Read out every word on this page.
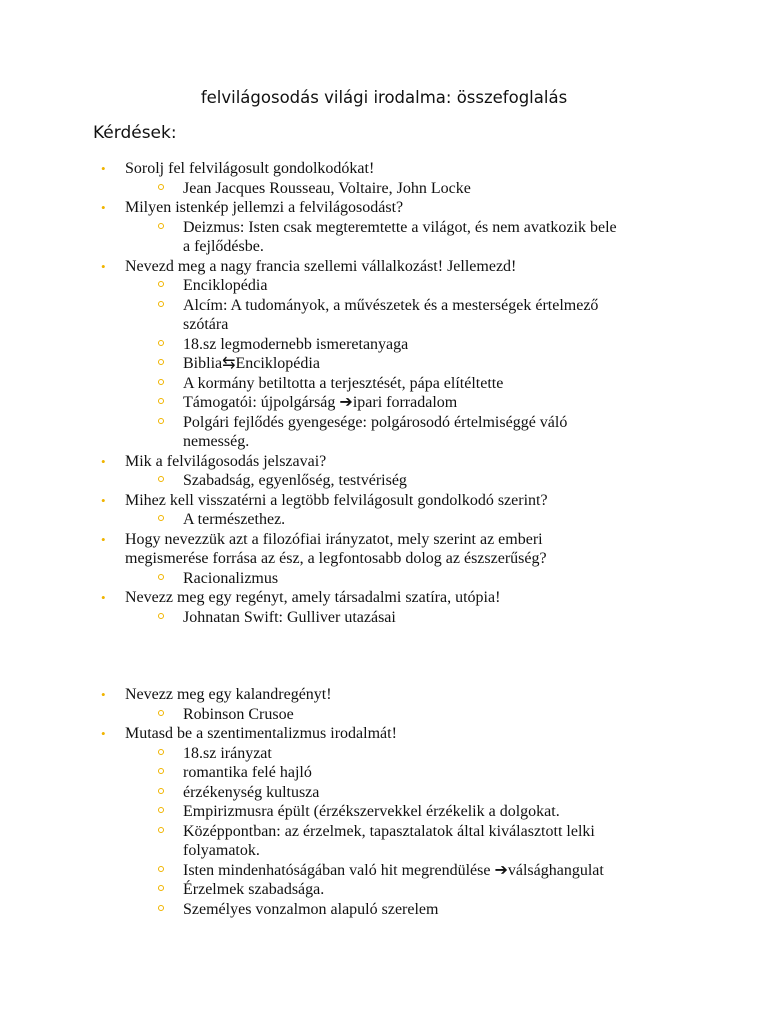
felvilágosodás világi irodalma: összefoglalás
Kérdések:
• Sorolj fel felvilágosult gondolkodókat!
Jean Jacques Rousseau, Voltaire, John Locke
• Milyen istenkép jellemzi a felvilágosodást?
Deizmus: Isten csak megteremtette a világot, és nem avatkozik bele
a fejlődésbe.
• Nevezd meg a nagy francia szellemi vállalkozást! Jellemezd!
Enciklopédia
Alcím: A tudományok, a művészetek és a mesterségek értelmező
szótára
18.sz legmodernebb ismeretanyaga
Biblia⇆Enciklopédia
A kormány betiltotta a terjesztését, pápa elítéltette
Támogatói: újpolgárság ➔ipari forradalom
Polgári fejlődés gyengesége: polgárosodó értelmiséggé váló
nemesség.
• Mik a felvilágosodás jelszavai?
Szabadság, egyenlőség, testvériség
• Mihez kell visszatérni a legtöbb felvilágosult gondolkodó szerint?
A természethez.
• Hogy nevezzük azt a filozófiai irányzatot, mely szerint az emberi
megismerése forrása az ész, a legfontosabb dolog az észszerűség?
Racionalizmus
• Nevezz meg egy regényt, amely társadalmi szatíra, utópia!
Johnatan Swift: Gulliver utazásai
• Nevezz meg egy kalandregényt!
Robinson Crusoe
• Mutasd be a szentimentalizmus irodalmát!
18.sz irányzat
romantika felé hajló
érzékenység kultusza
Empirizmusra épült (érzékszervekkel érzékelik a dolgokat.
Középpontban: az érzelmek, tapasztalatok által kiválasztott lelki
folyamatok.
Isten mindenhatóságában való hit megrendülése ➔válsághangulat
Érzelmek szabadsága.
Személyes vonzalmon alapuló szerelem
